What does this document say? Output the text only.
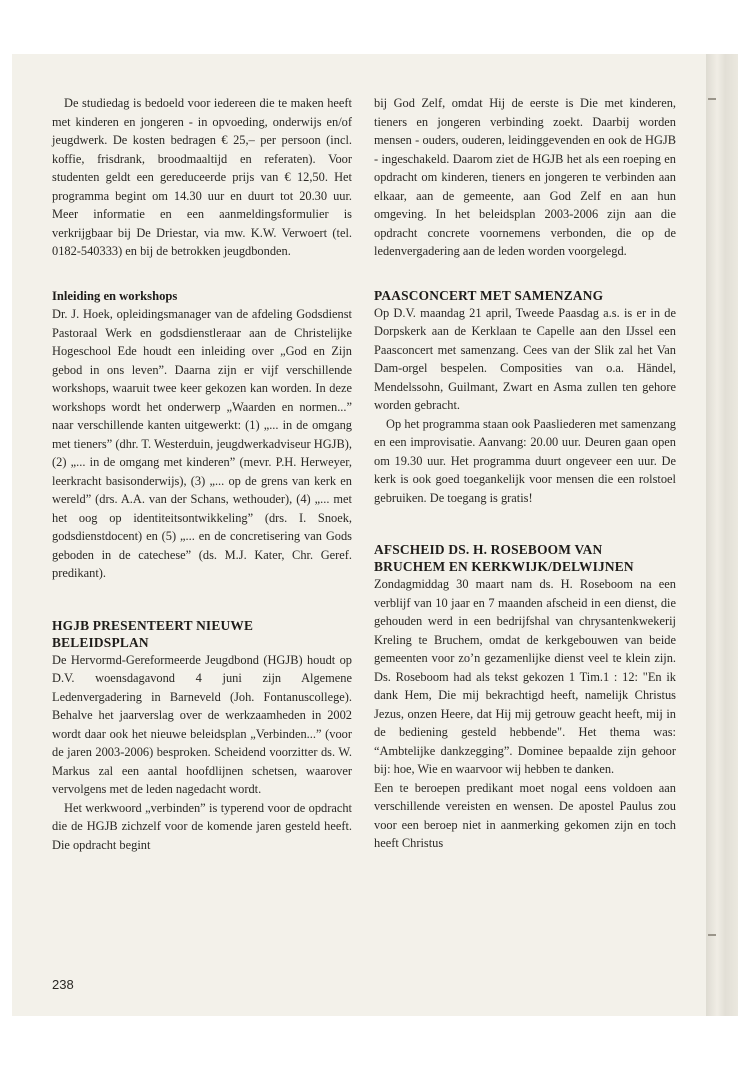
De studiedag is bedoeld voor iedereen die te maken heeft met kinderen en jongeren - in opvoeding, onderwijs en/of jeugdwerk. De kosten bedragen € 25,– per persoon (incl. koffie, frisdrank, broodmaaltijd en referaten). Voor studenten geldt een gereduceerde prijs van € 12,50. Het programma begint om 14.30 uur en duurt tot 20.30 uur. Meer informatie en een aanmeldingsformulier is verkrijgbaar bij De Driestar, via mw. K.W. Verwoert (tel. 0182-540333) en bij de betrokken jeugdbonden.

Inleiding en workshops

Dr. J. Hoek, opleidingsmanager van de afdeling Godsdienst Pastoraal Werk en godsdienstleraar aan de Christelijke Hogeschool Ede houdt een inleiding over „God en Zijn gebod in ons leven”. Daarna zijn er vijf verschillende workshops, waaruit twee keer gekozen kan worden. In deze workshops wordt het onderwerp „Waarden en normen...” naar verschillende kanten uitgewerkt: (1) „... in de omgang met tieners” (dhr. T. Westerduin, jeugdwerkadviseur HGJB), (2) „... in de omgang met kinderen” (mevr. P.H. Herweyer, leerkracht basisonderwijs), (3) „... op de grens van kerk en wereld” (drs. A.A. van der Schans, wethouder), (4) „... met het oog op identiteitsontwikkeling” (drs. I. Snoek, godsdienstdocent) en (5) „... en de concretisering van Gods geboden in de catechese” (ds. M.J. Kater, Chr. Geref. predikant).

HGJB PRESENTEERT NIEUWE BELEIDSPLAN

De Hervormd-Gereformeerde Jeugdbond (HGJB) houdt op D.V. woensdagavond 4 juni zijn Algemene Ledenvergadering in Barneveld (Joh. Fontanuscollege). Behalve het jaarverslag over de werkzaamheden in 2002 wordt daar ook het nieuwe beleidsplan „Verbinden...” (voor de jaren 2003-2006) besproken. Scheidend voorzitter ds. W. Markus zal een aantal hoofdlijnen schetsen, waarover vervolgens met de leden nagedacht wordt.

Het werkwoord „verbinden” is typerend voor de opdracht die de HGJB zichzelf voor de komende jaren gesteld heeft. Die opdracht begint

bij God Zelf, omdat Hij de eerste is Die met kinderen, tieners en jongeren verbinding zoekt. Daarbij worden mensen - ouders, ouderen, leidinggevenden en ook de HGJB - ingeschakeld. Daarom ziet de HGJB het als een roeping en opdracht om kinderen, tieners en jongeren te verbinden aan elkaar, aan de gemeente, aan God Zelf en aan hun omgeving. In het beleidsplan 2003-2006 zijn aan die opdracht concrete voornemens verbonden, die op de ledenvergadering aan de leden worden voorgelegd.

PAASCONCERT MET SAMENZANG

Op D.V. maandag 21 april, Tweede Paasdag a.s. is er in de Dorpskerk aan de Kerklaan te Capelle aan den IJssel een Paasconcert met samenzang. Cees van der Slik zal het Van Dam-orgel bespelen. Composities van o.a. Händel, Mendelssohn, Guilmant, Zwart en Asma zullen ten gehore worden gebracht.

Op het programma staan ook Paasliederen met samenzang en een improvisatie. Aanvang: 20.00 uur. Deuren gaan open om 19.30 uur. Het programma duurt ongeveer een uur. De kerk is ook goed toegankelijk voor mensen die een rolstoel gebruiken. De toegang is gratis!

AFSCHEID DS. H. ROSEBOOM VAN BRUCHEM EN KERKWIJK/DELWIJNEN

Zondagmiddag 30 maart nam ds. H. Roseboom na een verblijf van 10 jaar en 7 maanden afscheid in een dienst, die gehouden werd in een bedrijfshal van chrysantenkwekerij Kreling te Bruchem, omdat de kerkgebouwen van beide gemeenten voor zo’n gezamenlijke dienst veel te klein zijn. Ds. Roseboom had als tekst gekozen 1 Tim.1 : 12: "En ik dank Hem, Die mij bekrachtigd heeft, namelijk Christus Jezus, onzen Heere, dat Hij mij getrouw geacht heeft, mij in de bediening gesteld hebbende". Het thema was: “Ambtelijke dankzegging”. Dominee bepaalde zijn gehoor bij: hoe, Wie en waarvoor wij hebben te danken.

Een te beroepen predikant moet nogal eens voldoen aan verschillende vereisten en wensen. De apostel Paulus zou voor een beroep niet in aanmerking gekomen zijn en toch heeft Christus

238
